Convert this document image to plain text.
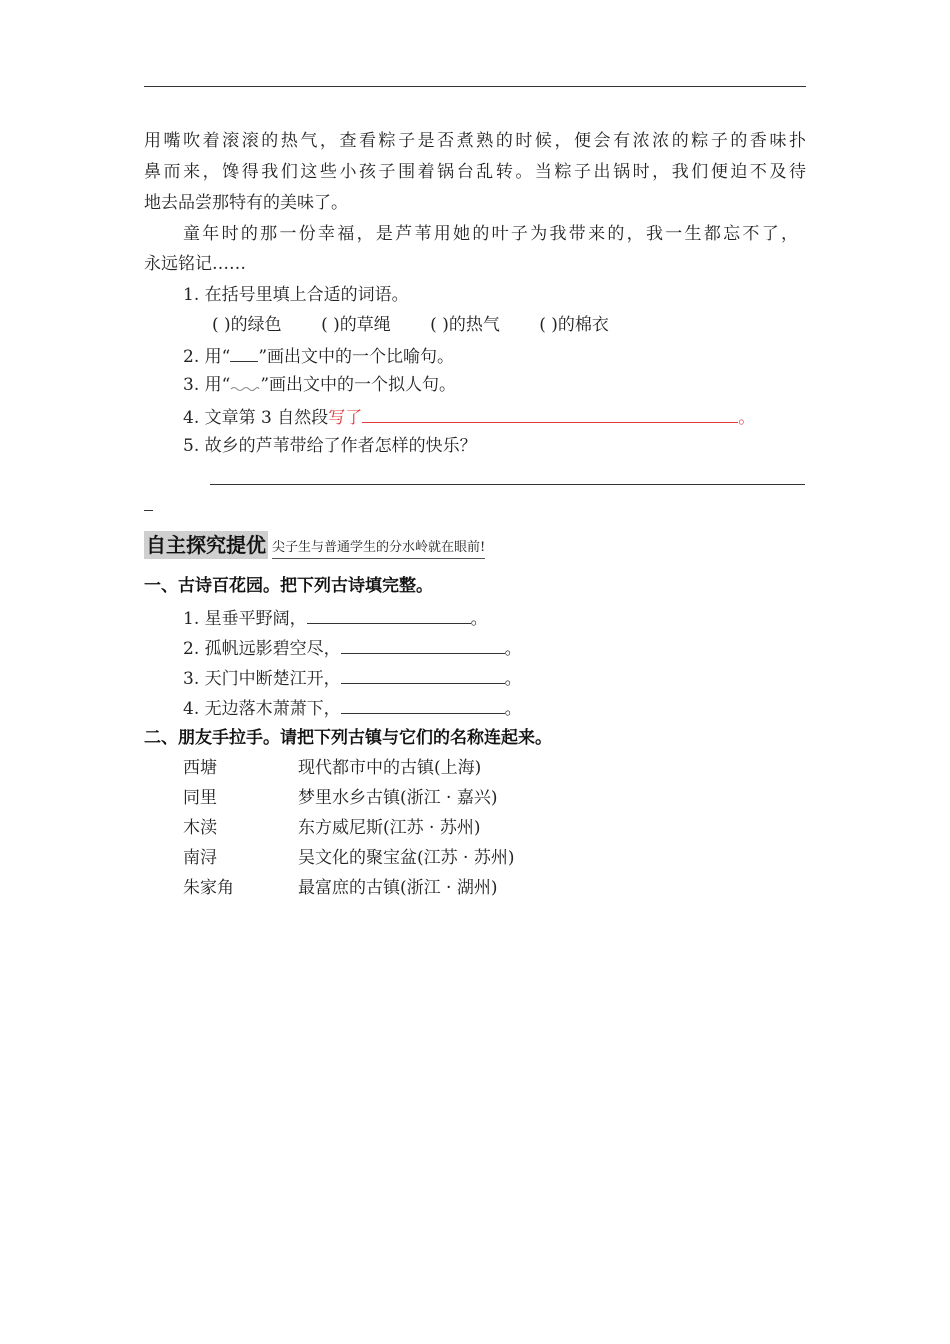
用嘴吹着滚滚的热气，查看粽子是否煮熟的时候，便会有浓浓的粽子的香味扑
鼻而来，馋得我们这些小孩子围着锅台乱转。当粽子出锅时，我们便迫不及待
地去品尝那特有的美味了。
童年时的那一份幸福，是芦苇用她的叶子为我带来的，我一生都忘不了，
永远铭记……
1. 在括号里填上合适的词语。
( )的绿色 ( )的草绳 ( )的热气 ( )的棉衣
2. 用“ ”画出文中的一个比喻句。
3. 用“ ”画出文中的一个拟人句。
4. 文章第 3 自然段写了	。
5. 故乡的芦苇带给了作者怎样的快乐？
自主探究提优 尖子生与普通学生的分水岭就在眼前!
一、古诗百花园。把下列古诗填完整。
1. 星垂平野阔，	。
2. 孤帆远影碧空尽，	。
3. 天门中断楚江开，	。
4. 无边落木萧萧下，	。
二、朋友手拉手。请把下列古镇与它们的名称连起来。
西塘	现代都市中的古镇(上海)
同里	梦里水乡古镇(浙江 · 嘉兴)
木渎	东方威尼斯(江苏 · 苏州)
南浔	吴文化的聚宝盆(江苏 · 苏州)
朱家角	最富庶的古镇(浙江 · 湖州)
